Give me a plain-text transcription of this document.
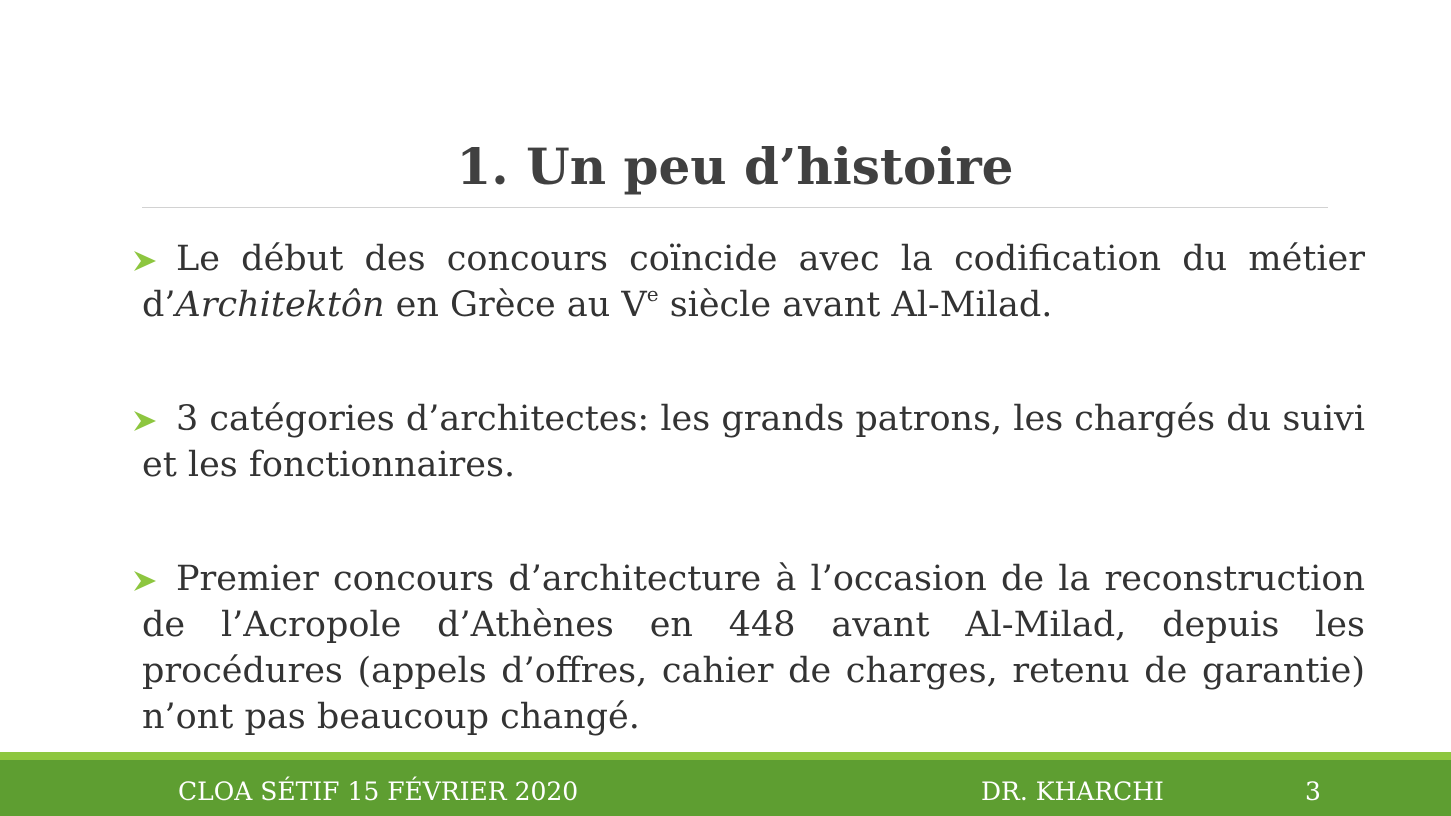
1. Un peu d’histoire

Le début des concours coïncide avec la codification du métier d’Architektôn en Grèce au Ve siècle avant Al-Milad.

3 catégories d’architectes: les grands patrons, les chargés du suivi et les fonctionnaires.

Premier concours d’architecture à l’occasion de la reconstruction de l’Acropole d’Athènes en 448 avant Al-Milad, depuis les procédures (appels d’offres, cahier de charges, retenu de garantie) n’ont pas beaucoup changé.

CLOA SÉTIF 15 FÉVRIER 2020	DR. KHARCHI	3
